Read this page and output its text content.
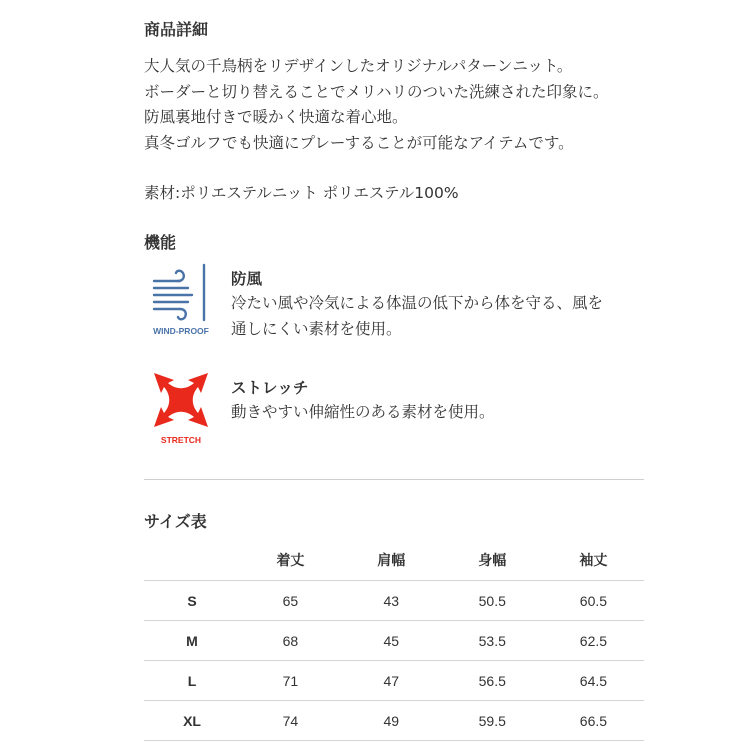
商品詳細
大人気の千鳥柄をリデザインしたオリジナルパターンニット。
ボーダーと切り替えることでメリハリのついた洗練された印象に。
防風裏地付きで暖かく快適な着心地。
真冬ゴルフでも快適にプレーすることが可能なアイテムです。
素材:ポリエステルニット ポリエステル100%
機能
WIND-PROOF
防風
冷たい風や冷気による体温の低下から体を守る、風を
通しにくい素材を使用。
STRETCH
ストレッチ
動きやすい伸縮性のある素材を使用。
サイズ表
	着丈	肩幅	身幅	袖丈
S	65	43	50.5	60.5
M	68	45	53.5	62.5
L	71	47	56.5	64.5
XL	74	49	59.5	66.5
